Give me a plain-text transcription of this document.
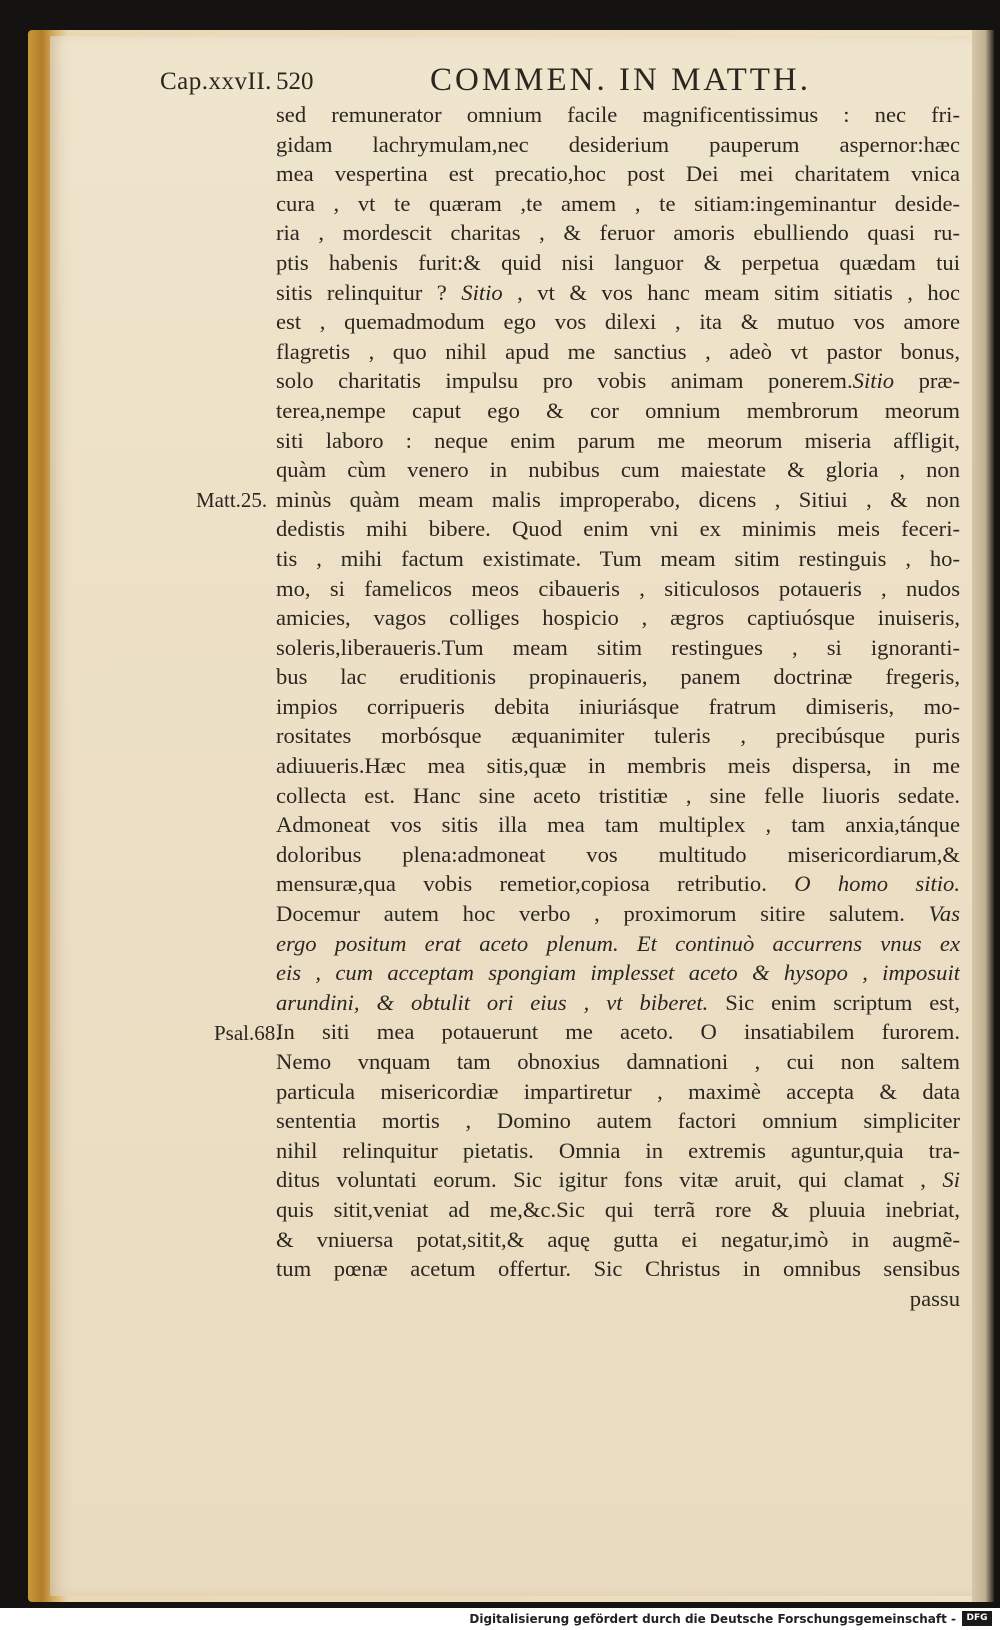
Cap.xxvII. 520	COMMEN. IN MATTH.
Matt.25.
Psal.68.
sed remunerator omnium facile magnificentissimus : nec fri-
gidam lachrymulam,nec desiderium pauperum aspernor:hæc
mea vespertina est precatio,hoc post Dei mei charitatem vnica
cura , vt te quæram ,te amem , te sitiam:ingeminantur deside-
ria , mordescit charitas , & feruor amoris ebulliendo quasi ru-
ptis habenis furit:& quid nisi languor & perpetua quædam tui
sitis relinquitur ? Sitio , vt & vos hanc meam sitim sitiatis , hoc
est , quemadmodum ego vos dilexi , ita & mutuo vos amore
flagretis , quo nihil apud me sanctius , adeò vt pastor bonus,
solo charitatis impulsu pro vobis animam ponerem.Sitio præ-
terea,nempe caput ego & cor omnium membrorum meorum
siti laboro : neque enim parum me meorum miseria affligit,
quàm cùm venero in nubibus cum maiestate & gloria , non
minùs quàm meam malis improperabo, dicens , Sitiui , & non
dedistis mihi bibere. Quod enim vni ex minimis meis feceri-
tis , mihi factum existimate. Tum meam sitim restinguis , ho-
mo, si famelicos meos cibaueris , siticulosos potaueris , nudos
amicies, vagos colliges hospicio , ægros captiuósque inuiseris,
soleris,liberaueris.Tum meam sitim restingues , si ignoranti-
bus lac eruditionis propinaueris, panem doctrinæ fregeris,
impios corripueris debita iniuriásque fratrum dimiseris, mo-
rositates morbósque æquanimiter tuleris , precibúsque puris
adiuueris.Hæc mea sitis,quæ in membris meis dispersa, in me
collecta est. Hanc sine aceto tristitiæ , sine felle liuoris sedate.
Admoneat vos sitis illa mea tam multiplex , tam anxia,tánque
doloribus plena:admoneat vos multitudo misericordiarum,&
mensuræ,qua vobis remetior,copiosa retributio. O homo sitio.
Docemur autem hoc verbo , proximorum sitire salutem. Vas
ergo positum erat aceto plenum. Et continuò accurrens vnus ex
eis , cum acceptam spongiam implesset aceto & hysopo , imposuit
arundini, & obtulit ori eius , vt biberet. Sic enim scriptum est,
In siti mea potauerunt me aceto. O insatiabilem furorem.
Nemo vnquam tam obnoxius damnationi , cui non saltem
particula misericordiæ impartiretur , maximè accepta & data
sententia mortis , Domino autem factori omnium simpliciter
nihil relinquitur pietatis. Omnia in extremis aguntur,quia tra-
ditus voluntati eorum. Sic igitur fons vitæ aruit, qui clamat , Si
quis sitit,veniat ad me,&c.Sic qui terrã rore & pluuia inebriat,
& vniuersa potat,sitit,& aquę gutta ei negatur,imò in augmẽ-
tum pœnæ acetum offertur. Sic Christus in omnibus sensibus
passu
Digitalisierung gefördert durch die Deutsche Forschungsgemeinschaft -	DFG
